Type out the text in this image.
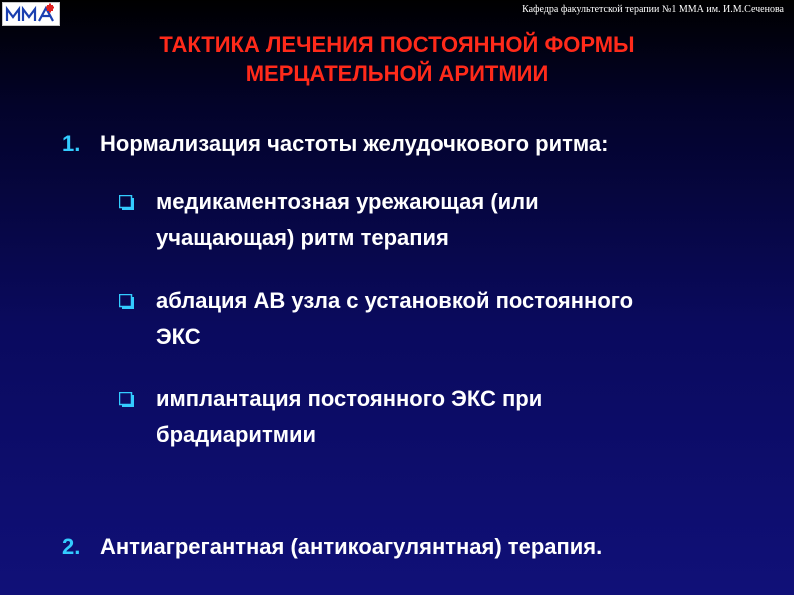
Кафедра факультетской терапии №1 ММА им. И.М.Сеченова
ТАКТИКА ЛЕЧЕНИЯ ПОСТОЯННОЙ ФОРМЫ
МЕРЦАТЕЛЬНОЙ АРИТМИИ
1. Нормализация частоты желудочкового ритма:
медикаментозная урежающая (или
учащающая) ритм терапия
аблация АВ узла с установкой постоянного
ЭКС
имплантация постоянного ЭКС при
брадиаритмии
2. Антиагрегантная (антикоагулянтная) терапия.
